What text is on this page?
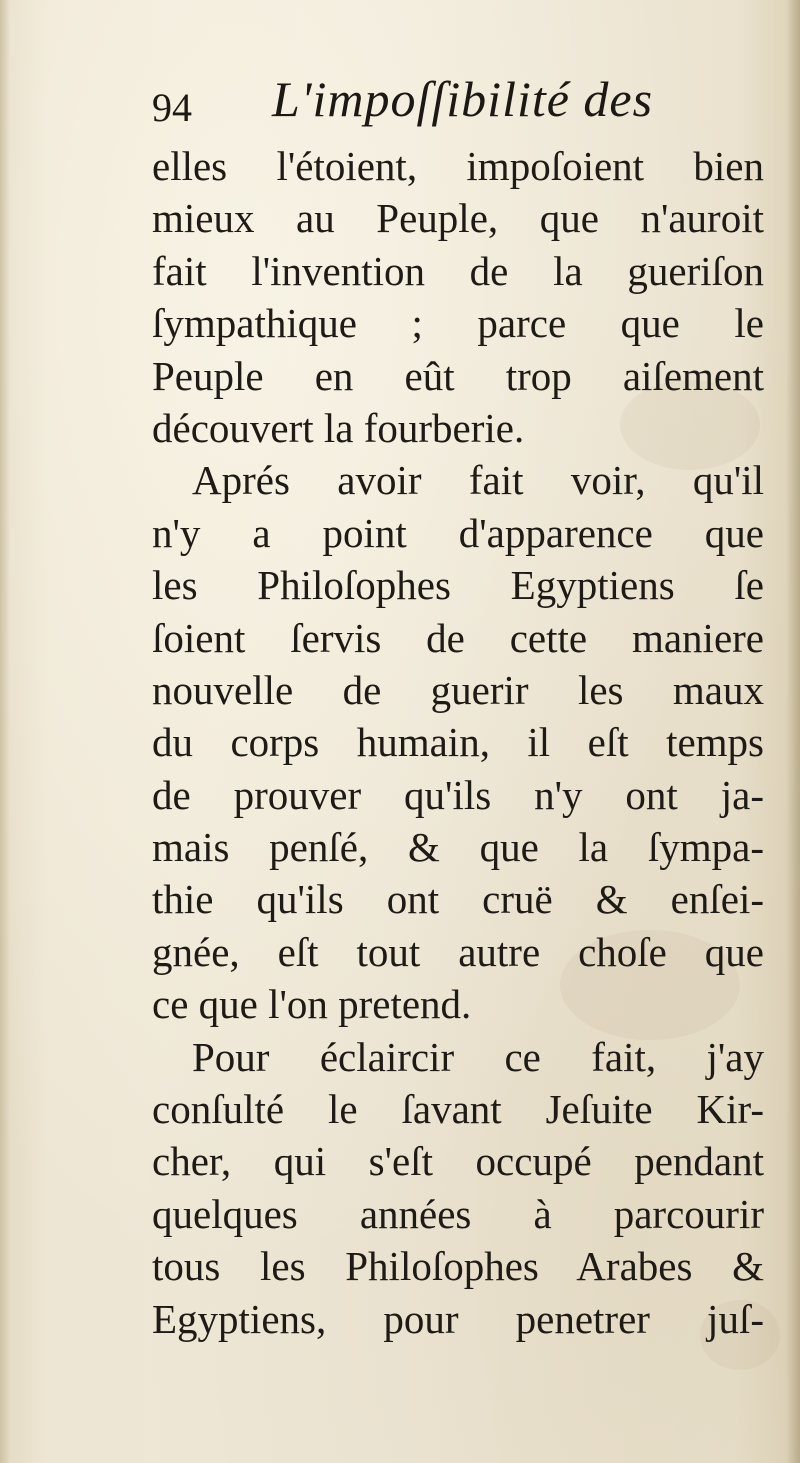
94 L'impoſſibilité des
elles l'étoient, impoſoient bien
mieux au Peuple, que n'auroit
fait l'invention de la gueriſon
ſympathique ; parce que le
Peuple en eût trop aiſement
découvert la fourberie.
Aprés avoir fait voir, qu'il
n'y a point d'apparence que
les Philoſophes Egyptiens ſe
ſoient ſervis de cette maniere
nouvelle de guerir les maux
du corps humain, il eſt temps
de prouver qu'ils n'y ont ja-
mais penſé, & que la ſympa-
thie qu'ils ont cruë & enſei-
gnée, eſt tout autre choſe que
ce que l'on pretend.
Pour éclaircir ce fait, j'ay
conſulté le ſavant Jeſuite Kir-
cher, qui s'eſt occupé pendant
quelques années à parcourir
tous les Philoſophes Arabes &
Egyptiens, pour penetrer juſ-
